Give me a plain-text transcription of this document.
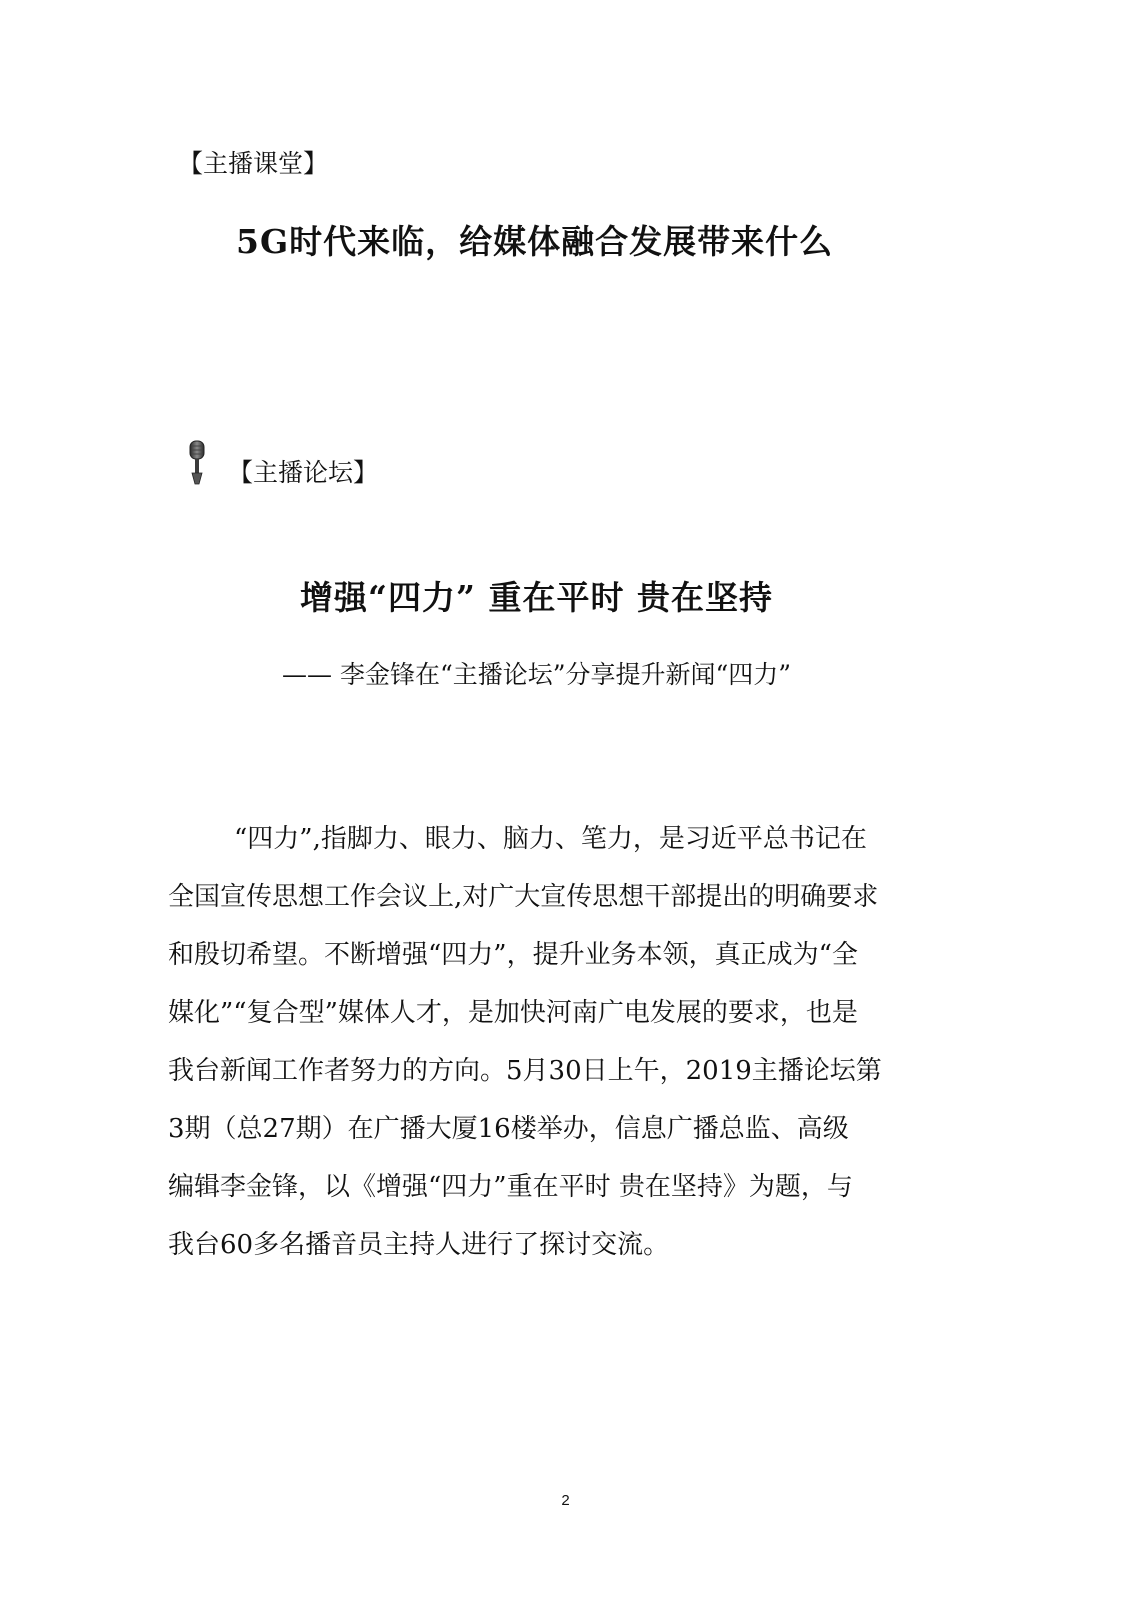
【主播课堂】
5G时代来临，给媒体融合发展带来什么
【主播论坛】
增强“四力” 重在平时 贵在坚持
—— 李金锋在“主播论坛”分享提升新闻“四力”
“四力”,指脚力、眼力、脑力、笔力，是习近平总书记在
全国宣传思想工作会议上,对广大宣传思想干部提出的明确要求
和殷切希望。不断增强“四力”，提升业务本领，真正成为“全
媒化”“复合型”媒体人才，是加快河南广电发展的要求，也是
我台新闻工作者努力的方向。5月30日上午，2019主播论坛第
3期（总27期）在广播大厦16楼举办，信息广播总监、高级
编辑李金锋，以《增强“四力”重在平时 贵在坚持》为题，与
我台60多名播音员主持人进行了探讨交流。
2
